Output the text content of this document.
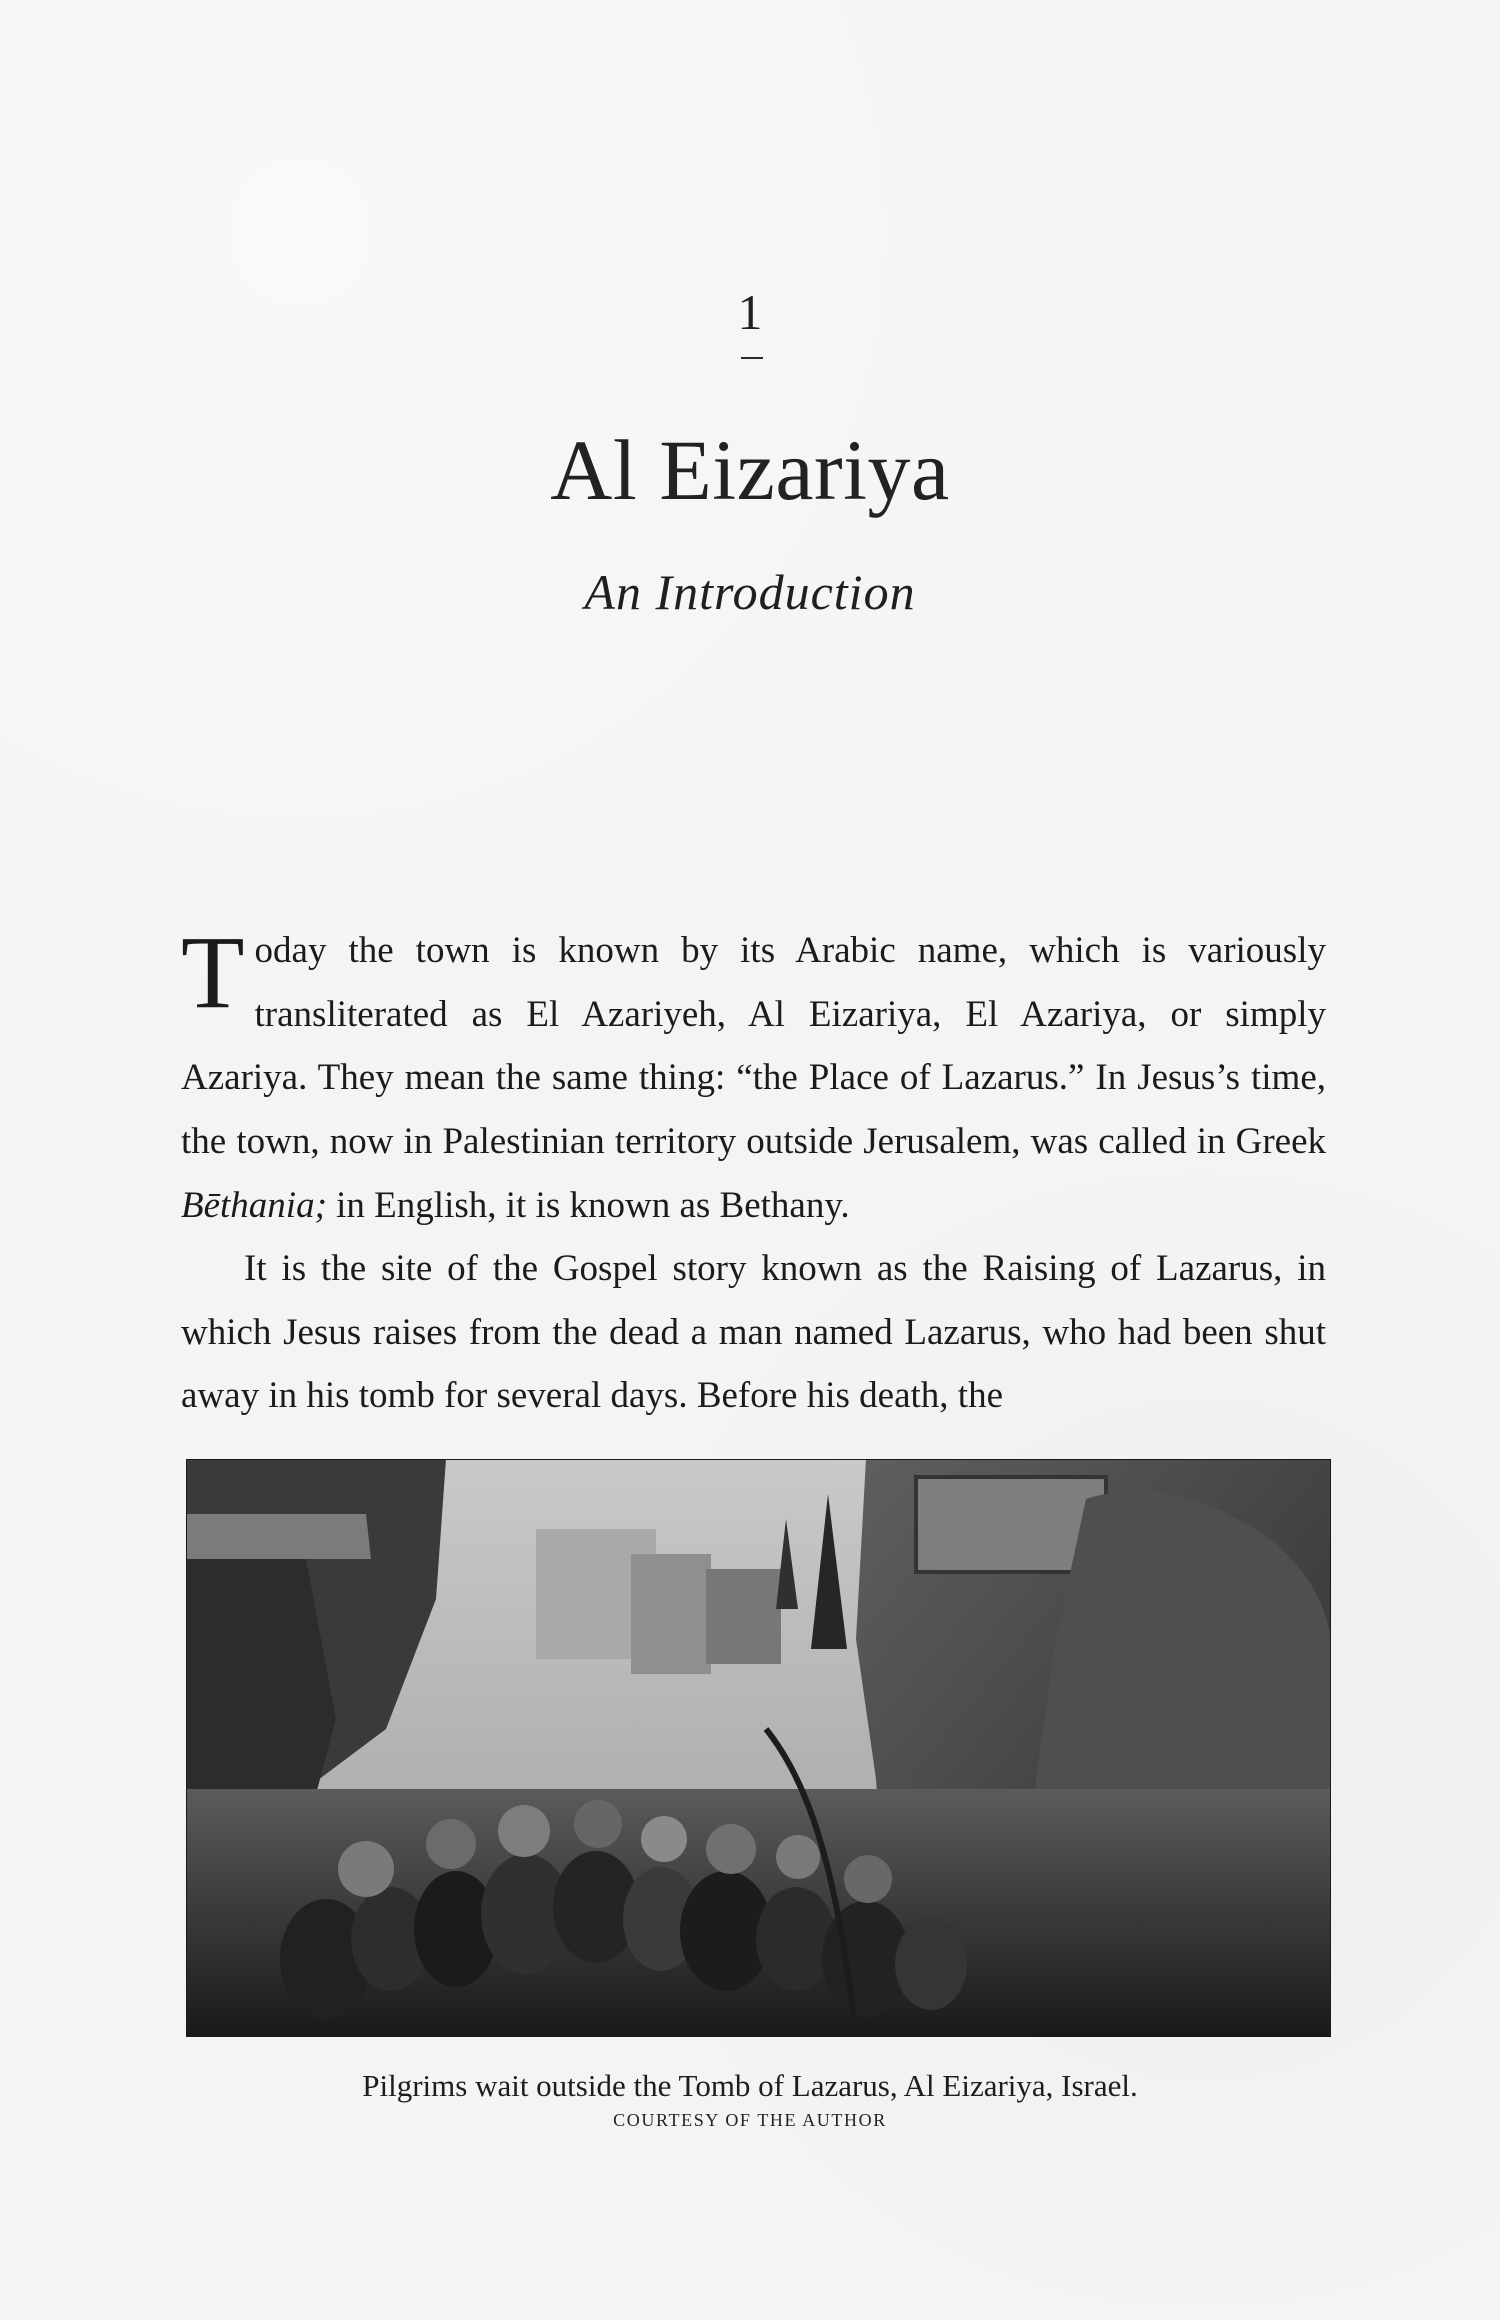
1
Al Eizariya
An Introduction

Today the town is known by its Arabic name, which is variously transliterated as El Azariyeh, Al Eizariya, El Azariya, or simply Azariya. They mean the same thing: “the Place of Lazarus.” In Jesus’s time, the town, now in Palestinian territory outside Jerusalem, was called in Greek Bēthania; in English, it is known as Bethany.

It is the site of the Gospel story known as the Raising of Lazarus, in which Jesus raises from the dead a man named Lazarus, who had been shut away in his tomb for several days. Before his death, the

Pilgrims wait outside the Tomb of Lazarus, Al Eizariya, Israel.
COURTESY OF THE AUTHOR
